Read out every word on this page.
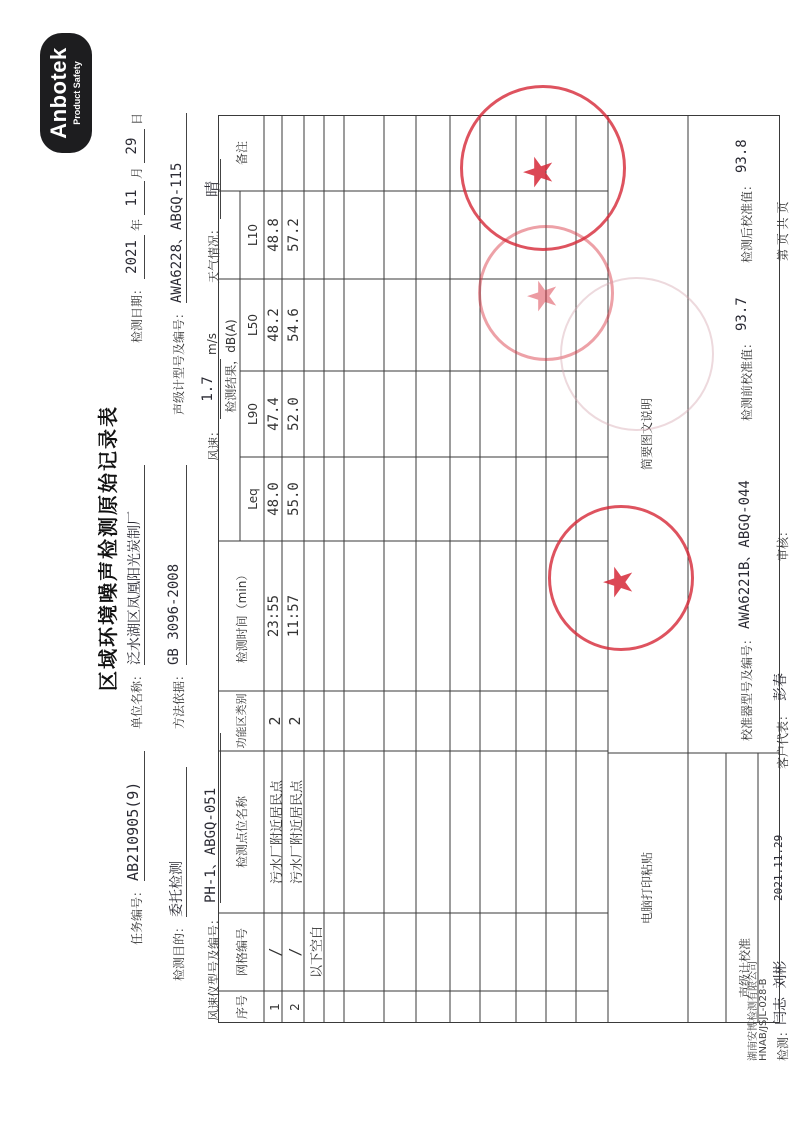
湖南安博检测有限公司 HNAB/JSJL-028-B
Anbotek Product Safety
区域环境噪声检测原始记录表
任务编号：
AB210905(9)
单位名称：
泛水湖区凤凰阳光炭制厂
检测日期：
2021
年
11
月
29
日
检测目的：
委托检测
方法依据：
GB 3096-2008
声级计型号及编号：
AWA6228、ABGQ-115
风速仪型号及编号：
PH-1、ABGQ-051
风速：
1.7
m/s
天气情况：
晴
序号
网格编号
检测点位名称
功能区类别
检测时间（min）
检测结果，dB(A)
Leq
L90
L50
L10
备注
1
/
污水厂附近居民点
2
23:55
48.0
47.4
48.2
48.8
2
/
污水厂附近居民点
2
11:57
55.0
52.0
54.6
57.2
以下空白
电脑打印粘贴
简要图文说明
声级计校准
校准器型号及编号：
AWA6221B、ABGQ-044
检测前校准值：
93.7
检测后校准值：
93.8
检测：
闫志 刘彬
2021.11.29
客户代表：
彭春
审核：
第 页 共 页
★
★
★
